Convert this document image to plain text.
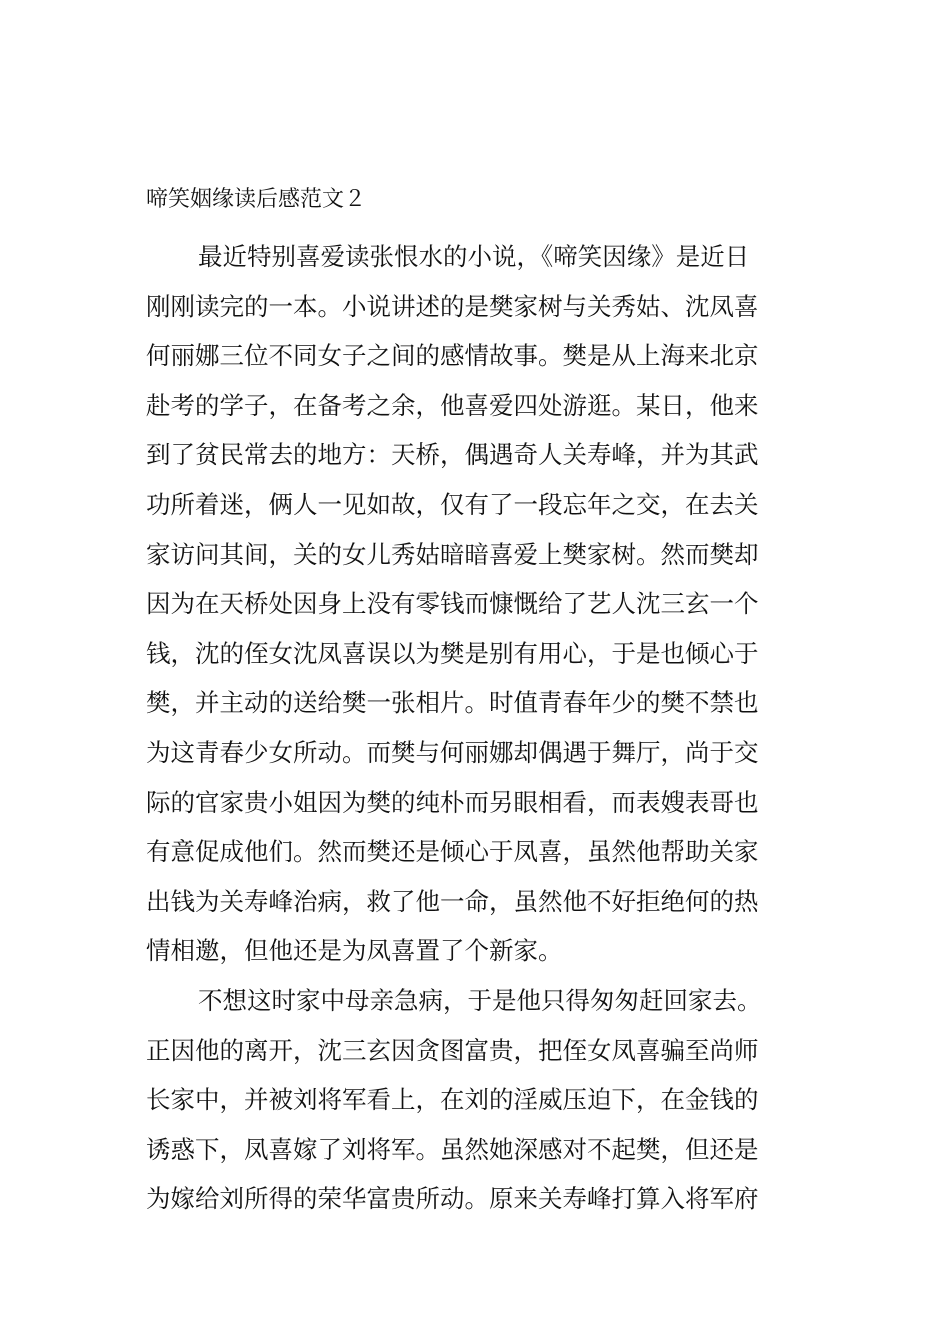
啼笑姻缘读后感范文２
最近特别喜爱读张恨水的小说，《啼笑因缘》是近日
刚刚读完的一本。小说讲述的是樊家树与关秀姑、沈凤喜
何丽娜三位不同女子之间的感情故事。樊是从上海来北京
赴考的学子，在备考之余，他喜爱四处游逛。某日，他来
到了贫民常去的地方：天桥，偶遇奇人关寿峰，并为其武
功所着迷，俩人一见如故，仅有了一段忘年之交，在去关
家访问其间，关的女儿秀姑暗暗喜爱上樊家树。然而樊却
因为在天桥处因身上没有零钱而慷慨给了艺人沈三玄一个
钱，沈的侄女沈凤喜误以为樊是别有用心，于是也倾心于
樊，并主动的送给樊一张相片。时值青春年少的樊不禁也
为这青春少女所动。而樊与何丽娜却偶遇于舞厅，尚于交
际的官家贵小姐因为樊的纯朴而另眼相看，而表嫂表哥也
有意促成他们。然而樊还是倾心于凤喜，虽然他帮助关家
出钱为关寿峰治病，救了他一命，虽然他不好拒绝何的热
情相邀，但他还是为凤喜置了个新家。
不想这时家中母亲急病，于是他只得匆匆赶回家去。
正因他的离开，沈三玄因贪图富贵，把侄女凤喜骗至尚师
长家中，并被刘将军看上，在刘的淫威压迫下，在金钱的
诱惑下，凤喜嫁了刘将军。虽然她深感对不起樊，但还是
为嫁给刘所得的荣华富贵所动。原来关寿峰打算入将军府
